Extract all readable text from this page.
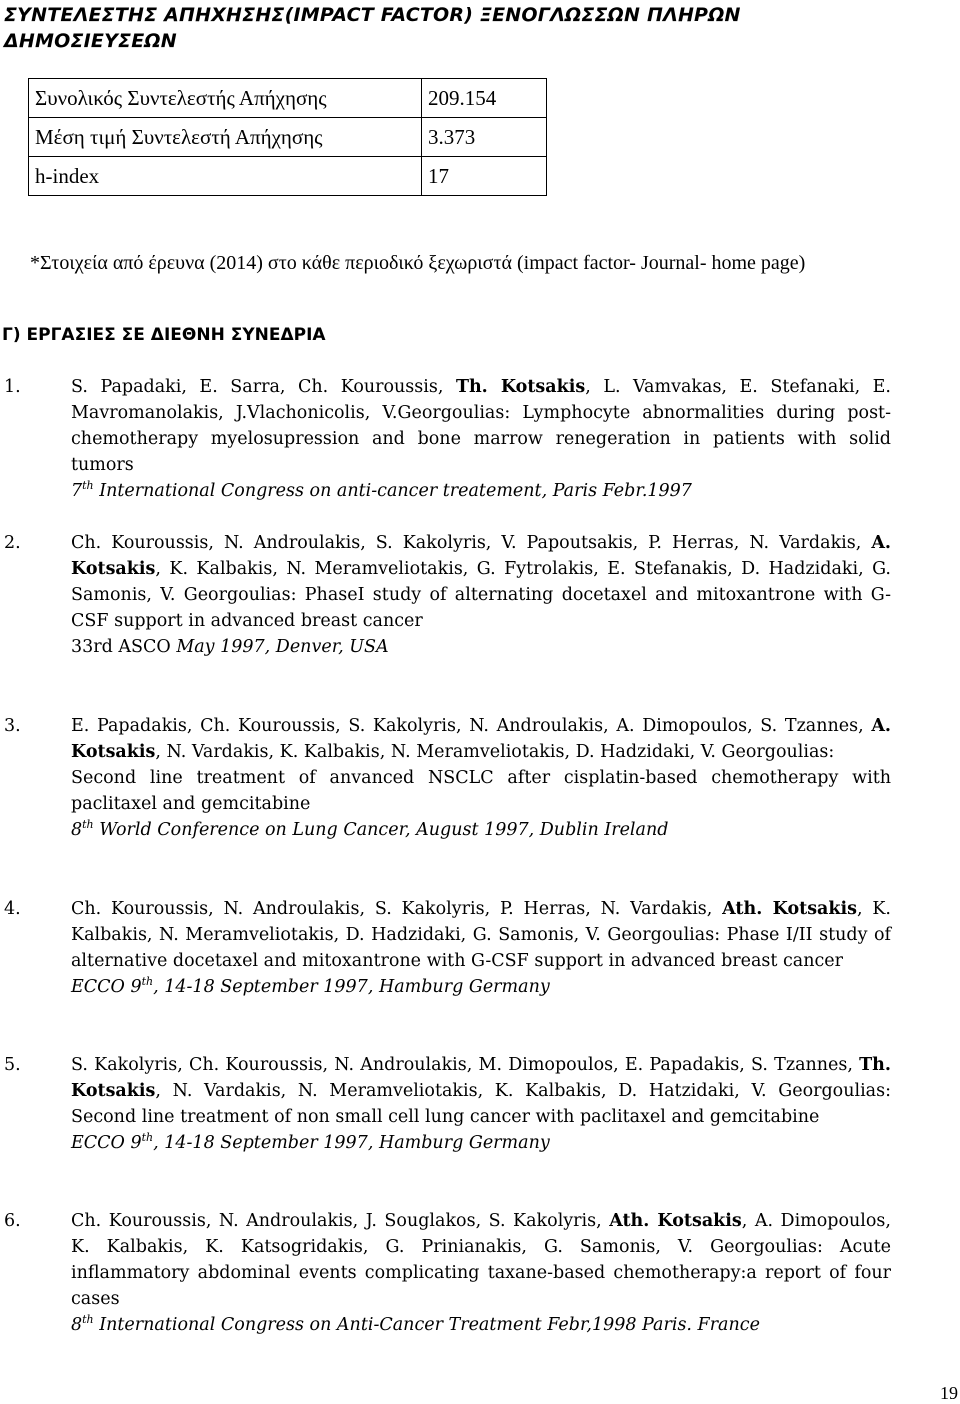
ΣΥΝΤΕΛΕΣΤΗΣ ΑΠΗΧΗΣΗΣ(IMPACT FACTOR) ΞΕΝΟΓΛΩΣΣΩΝ ΠΛΗΡΩΝ ΔΗΜΟΣΙΕΥΣΕΩΝ
Συνολικός Συντελεστής Απήχησης	209.154
Μέση τιμή Συντελεστή Απήχησης	3.373
h-index	17
*Στοιχεία από έρευνα (2014) στο κάθε περιοδικό ξεχωριστά (impact factor- Journal- home page)
Γ) ΕΡΓΑΣΙΕΣ ΣΕ ΔΙΕΘΝΗ ΣΥΝΕΔΡΙΑ
1.	S. Papadaki, E. Sarra, Ch. Kouroussis, Th. Kotsakis, L. Vamvakas, E. Stefanaki, E. Mavromanolakis, J.Vlachonicolis, V.Georgoulias: Lymphocyte abnormalities during post-chemotherapy myelosupression and bone marrow renegeration in patients with solid tumors
7th International Congress on anti-cancer treatement, Paris Febr.1997
2.	Ch. Kouroussis, N. Androulakis, S. Kakolyris, V. Papoutsakis, P. Herras, N. Vardakis, A. Kotsakis, K. Kalbakis, N. Meramveliotakis, G. Fytrolakis, E. Stefanakis, D. Hadzidaki, G. Samonis, V. Georgoulias: PhaseI study of alternating docetaxel and mitoxantrone with G-CSF support in advanced breast cancer
33rd ASCO May 1997, Denver, USA
3.	E. Papadakis, Ch. Kouroussis, S. Kakolyris, N. Androulakis, A. Dimopoulos, S. Tzannes, A. Kotsakis, N. Vardakis, K. Kalbakis, N. Meramveliotakis, D. Hadzidaki, V. Georgoulias:
Second line treatment of anvanced NSCLC after cisplatin-based chemotherapy with paclitaxel and gemcitabine
8th World Conference on Lung Cancer, August 1997, Dublin Ireland
4.	Ch. Kouroussis, N. Androulakis, S. Kakolyris, P. Herras, N. Vardakis, Ath. Kotsakis, K. Kalbakis, N. Meramveliotakis, D. Hadzidaki, G. Samonis, V. Georgoulias: Phase I/II study of alternative docetaxel and mitoxantrone with G-CSF support in advanced breast cancer
ECCO 9th, 14-18 September 1997, Hamburg Germany
5.	S. Kakolyris, Ch. Kouroussis, N. Androulakis, M. Dimopoulos, E. Papadakis, S. Tzannes, Th. Kotsakis, N. Vardakis, N. Meramveliotakis, K. Kalbakis, D. Hatzidaki, V. Georgoulias: Second line treatment of non small cell lung cancer with paclitaxel and gemcitabine
ECCO 9th, 14-18 September 1997, Hamburg Germany
6.	Ch. Kouroussis, N. Androulakis, J. Souglakos, S. Kakolyris, Ath. Kotsakis, A. Dimopoulos, K. Kalbakis, K. Katsogridakis, G. Prinianakis, G. Samonis, V. Georgoulias: Acute inflammatory abdominal events complicating taxane-based chemotherapy:a report of four cases
8th International Congress on Anti-Cancer Treatment Febr,1998 Paris. France
19
